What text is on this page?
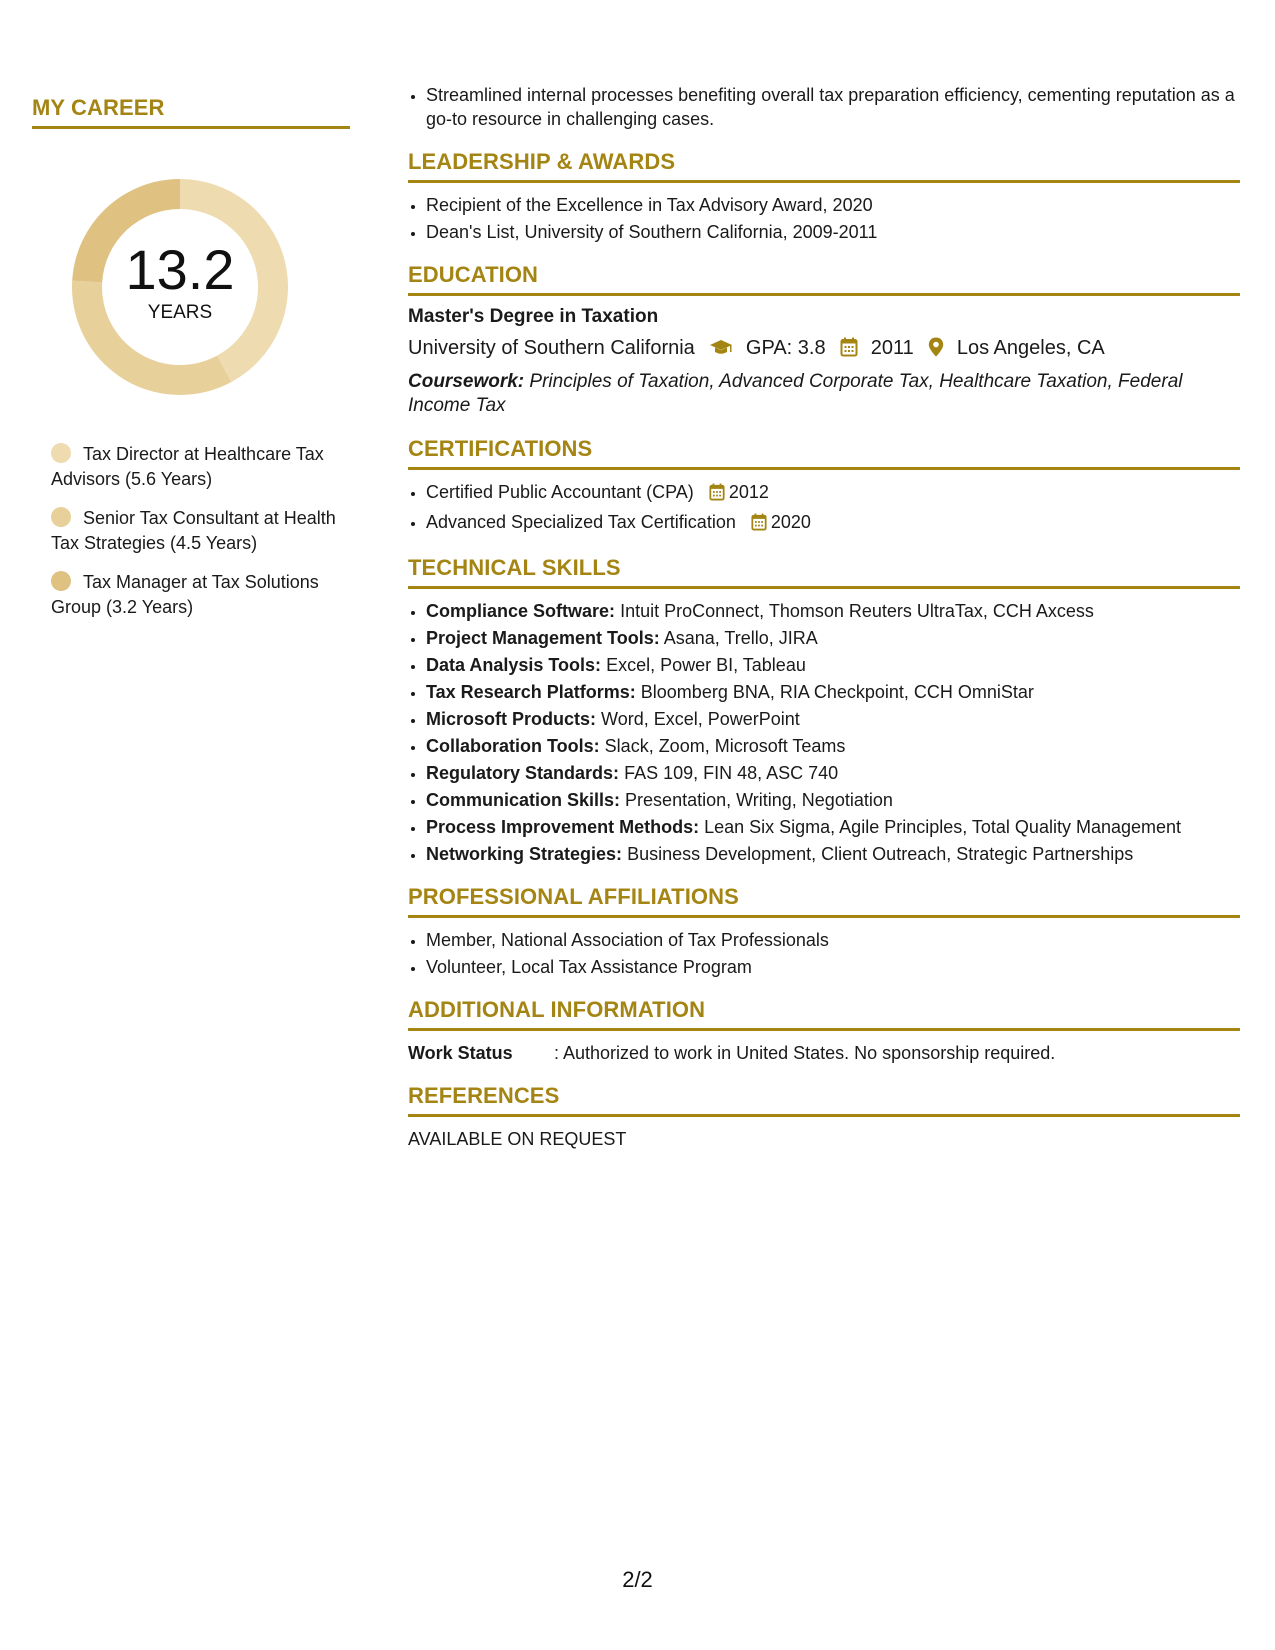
MY CAREER
13.2
YEARS
Tax Director at Healthcare Tax Advisors (5.6 Years)
Senior Tax Consultant at Health Tax Strategies (4.5 Years)
Tax Manager at Tax Solutions Group (3.2 Years)
• Streamlined internal processes benefiting overall tax preparation efficiency, cementing reputation as a go-to resource in challenging cases.
LEADERSHIP & AWARDS
• Recipient of the Excellence in Tax Advisory Award, 2020
• Dean's List, University of Southern California, 2009-2011
EDUCATION
Master's Degree in Taxation
University of Southern California	GPA: 3.8 2011 Los Angeles, CA
Coursework: Principles of Taxation, Advanced Corporate Tax, Healthcare Taxation, Federal Income Tax
CERTIFICATIONS
• Certified Public Accountant (CPA) 2012
• Advanced Specialized Tax Certification 2020
TECHNICAL SKILLS
• Compliance Software: Intuit ProConnect, Thomson Reuters UltraTax, CCH Axcess
• Project Management Tools: Asana, Trello, JIRA
• Data Analysis Tools: Excel, Power BI, Tableau
• Tax Research Platforms: Bloomberg BNA, RIA Checkpoint, CCH OmniStar
• Microsoft Products: Word, Excel, PowerPoint
• Collaboration Tools: Slack, Zoom, Microsoft Teams
• Regulatory Standards: FAS 109, FIN 48, ASC 740
• Communication Skills: Presentation, Writing, Negotiation
• Process Improvement Methods: Lean Six Sigma, Agile Principles, Total Quality Management
• Networking Strategies: Business Development, Client Outreach, Strategic Partnerships
PROFESSIONAL AFFILIATIONS
• Member, National Association of Tax Professionals
• Volunteer, Local Tax Assistance Program
ADDITIONAL INFORMATION
Work Status	: Authorized to work in United States. No sponsorship required.
REFERENCES
AVAILABLE ON REQUEST
2/2
